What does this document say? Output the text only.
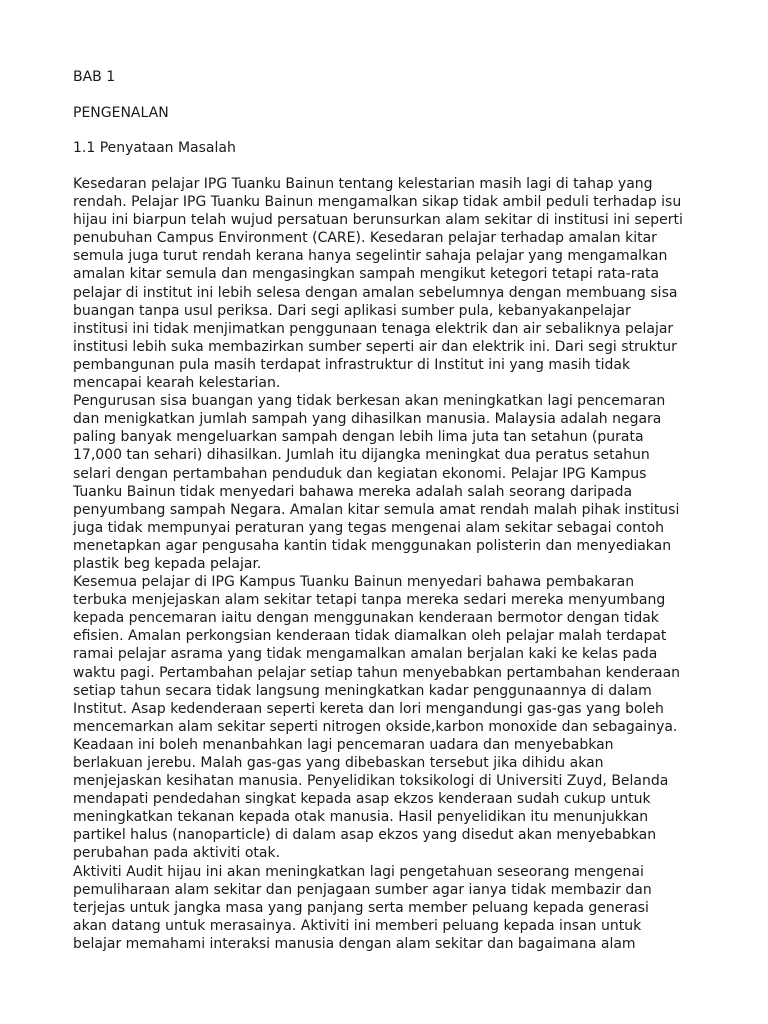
BAB 1
PENGENALAN
1.1 Penyataan Masalah
Kesedaran pelajar IPG Tuanku Bainun tentang kelestarian masih lagi di tahap yang
rendah. Pelajar IPG Tuanku Bainun mengamalkan sikap tidak ambil peduli terhadap isu
hijau ini biarpun telah wujud persatuan berunsurkan alam sekitar di institusi ini seperti
penubuhan Campus Environment (CARE). Kesedaran pelajar terhadap amalan kitar
semula juga turut rendah kerana hanya segelintir sahaja pelajar yang mengamalkan
amalan kitar semula dan mengasingkan sampah mengikut ketegori tetapi rata-rata
pelajar di institut ini lebih selesa dengan amalan sebelumnya dengan membuang sisa
buangan tanpa usul periksa. Dari segi aplikasi sumber pula, kebanyakanpelajar
institusi ini tidak menjimatkan penggunaan tenaga elektrik dan air sebaliknya pelajar
institusi lebih suka membazirkan sumber seperti air dan elektrik ini. Dari segi struktur
pembangunan pula masih terdapat infrastruktur di Institut ini yang masih tidak
mencapai kearah kelestarian.
Pengurusan sisa buangan yang tidak berkesan akan meningkatkan lagi pencemaran
dan menigkatkan jumlah sampah yang dihasilkan manusia. Malaysia adalah negara
paling banyak mengeluarkan sampah dengan lebih lima juta tan setahun (purata
17,000 tan sehari) dihasilkan. Jumlah itu dijangka meningkat dua peratus setahun
selari dengan pertambahan penduduk dan kegiatan ekonomi. Pelajar IPG Kampus
Tuanku Bainun tidak menyedari bahawa mereka adalah salah seorang daripada
penyumbang sampah Negara. Amalan kitar semula amat rendah malah pihak institusi
juga tidak mempunyai peraturan yang tegas mengenai alam sekitar sebagai contoh
menetapkan agar pengusaha kantin tidak menggunakan polisterin dan menyediakan
plastik beg kepada pelajar.
Kesemua pelajar di IPG Kampus Tuanku Bainun menyedari bahawa pembakaran
terbuka menjejaskan alam sekitar tetapi tanpa mereka sedari mereka menyumbang
kepada pencemaran iaitu dengan menggunakan kenderaan bermotor dengan tidak
efisien. Amalan perkongsian kenderaan tidak diamalkan oleh pelajar malah terdapat
ramai pelajar asrama yang tidak mengamalkan amalan berjalan kaki ke kelas pada
waktu pagi. Pertambahan pelajar setiap tahun menyebabkan pertambahan kenderaan
setiap tahun secara tidak langsung meningkatkan kadar penggunaannya di dalam
Institut. Asap kedenderaan seperti kereta dan lori mengandungi gas-gas yang boleh
mencemarkan alam sekitar seperti nitrogen okside,karbon monoxide dan sebagainya.
Keadaan ini boleh menanbahkan lagi pencemaran uadara dan menyebabkan
berlakuan jerebu. Malah gas-gas yang dibebaskan tersebut jika dihidu akan
menjejaskan kesihatan manusia. Penyelidikan toksikologi di Universiti Zuyd, Belanda
mendapati pendedahan singkat kepada asap ekzos kenderaan sudah cukup untuk
meningkatkan tekanan kepada otak manusia. Hasil penyelidikan itu menunjukkan
partikel halus (nanoparticle) di dalam asap ekzos yang disedut akan menyebabkan
perubahan pada aktiviti otak.
Aktiviti Audit hijau ini akan meningkatkan lagi pengetahuan seseorang mengenai
pemuliharaan alam sekitar dan penjagaan sumber agar ianya tidak membazir dan
terjejas untuk jangka masa yang panjang serta member peluang kepada generasi
akan datang untuk merasainya. Aktiviti ini memberi peluang kepada insan untuk
belajar memahami interaksi manusia dengan alam sekitar dan bagaimana alam
